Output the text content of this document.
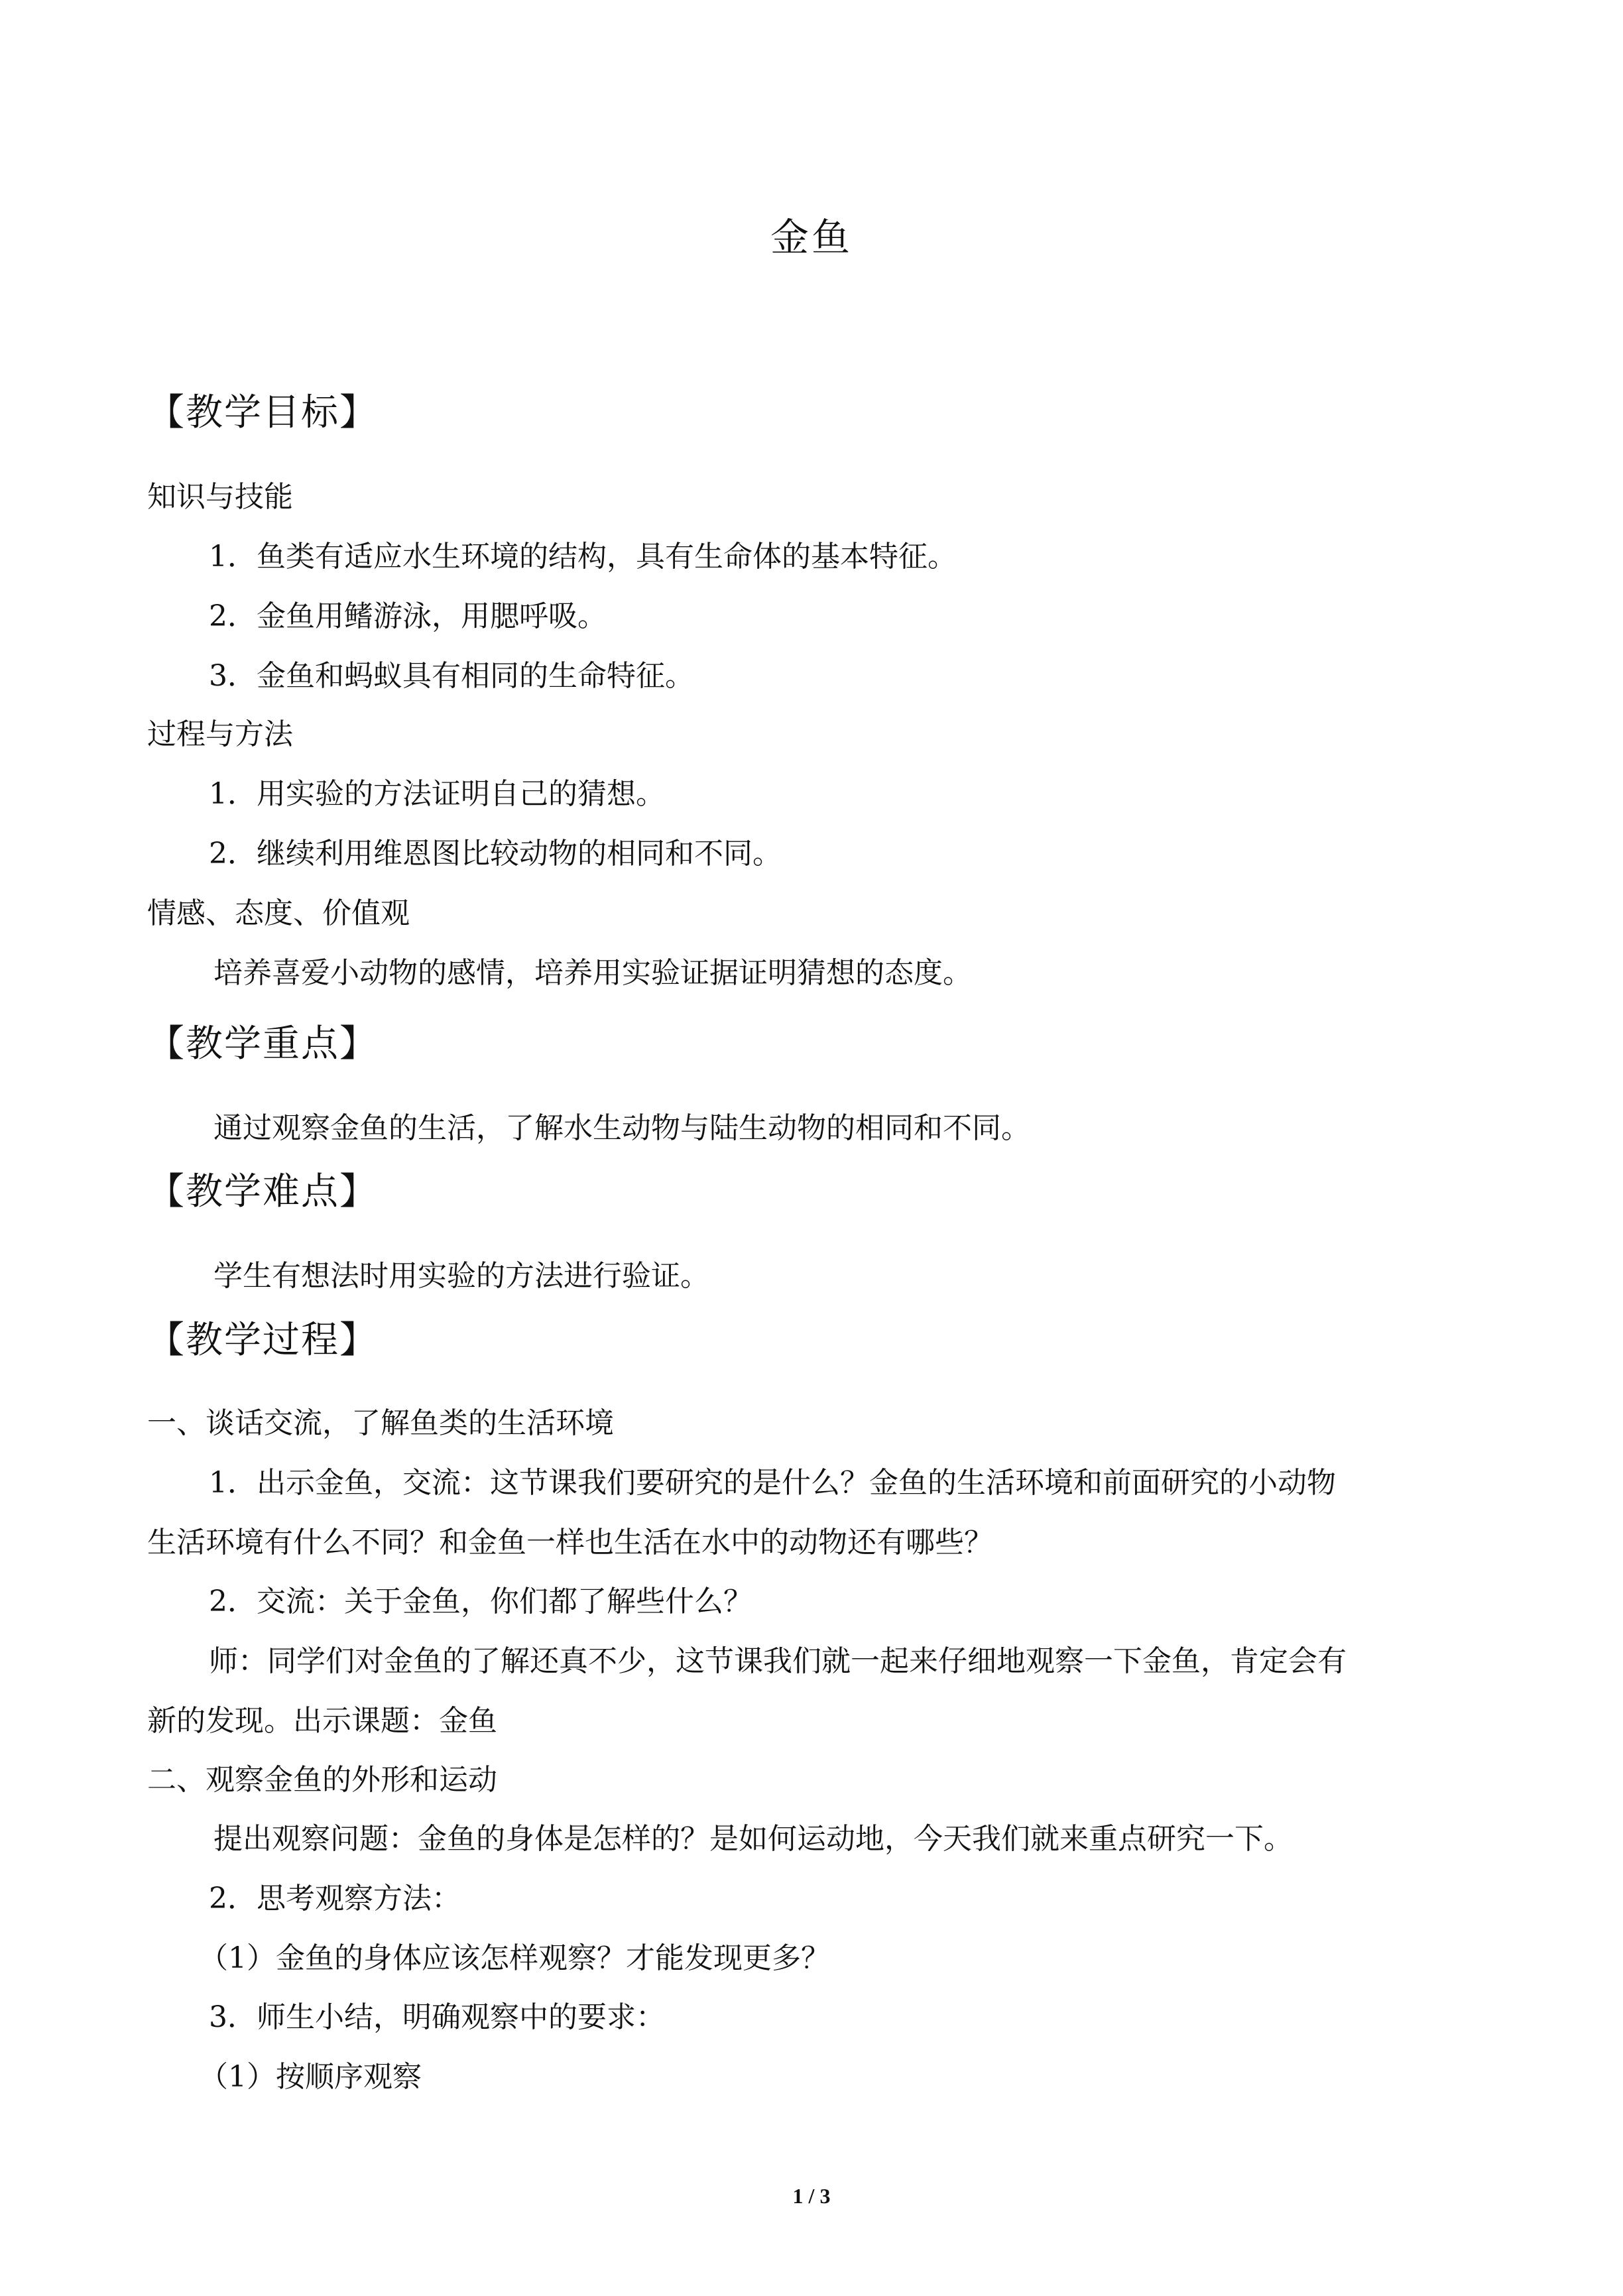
金鱼
【教学目标】
知识与技能
1．鱼类有适应水生环境的结构，具有生命体的基本特征。
2．金鱼用鳍游泳，用腮呼吸。
3．金鱼和蚂蚁具有相同的生命特征。
过程与方法
1．用实验的方法证明自己的猜想。
2．继续利用维恩图比较动物的相同和不同。
情感、态度、价值观
培养喜爱小动物的感情，培养用实验证据证明猜想的态度。
【教学重点】
通过观察金鱼的生活，了解水生动物与陆生动物的相同和不同。
【教学难点】
学生有想法时用实验的方法进行验证。
【教学过程】
一、谈话交流，了解鱼类的生活环境
1．出示金鱼，交流：这节课我们要研究的是什么？金鱼的生活环境和前面研究的小动物
生活环境有什么不同？和金鱼一样也生活在水中的动物还有哪些？
2．交流：关于金鱼，你们都了解些什么？
师：同学们对金鱼的了解还真不少，这节课我们就一起来仔细地观察一下金鱼，肯定会有
新的发现。出示课题：金鱼
二、观察金鱼的外形和运动
提出观察问题：金鱼的身体是怎样的？是如何运动地，今天我们就来重点研究一下。
2．思考观察方法：
（1）金鱼的身体应该怎样观察？才能发现更多？
3．师生小结，明确观察中的要求：
（1）按顺序观察
1 / 3
